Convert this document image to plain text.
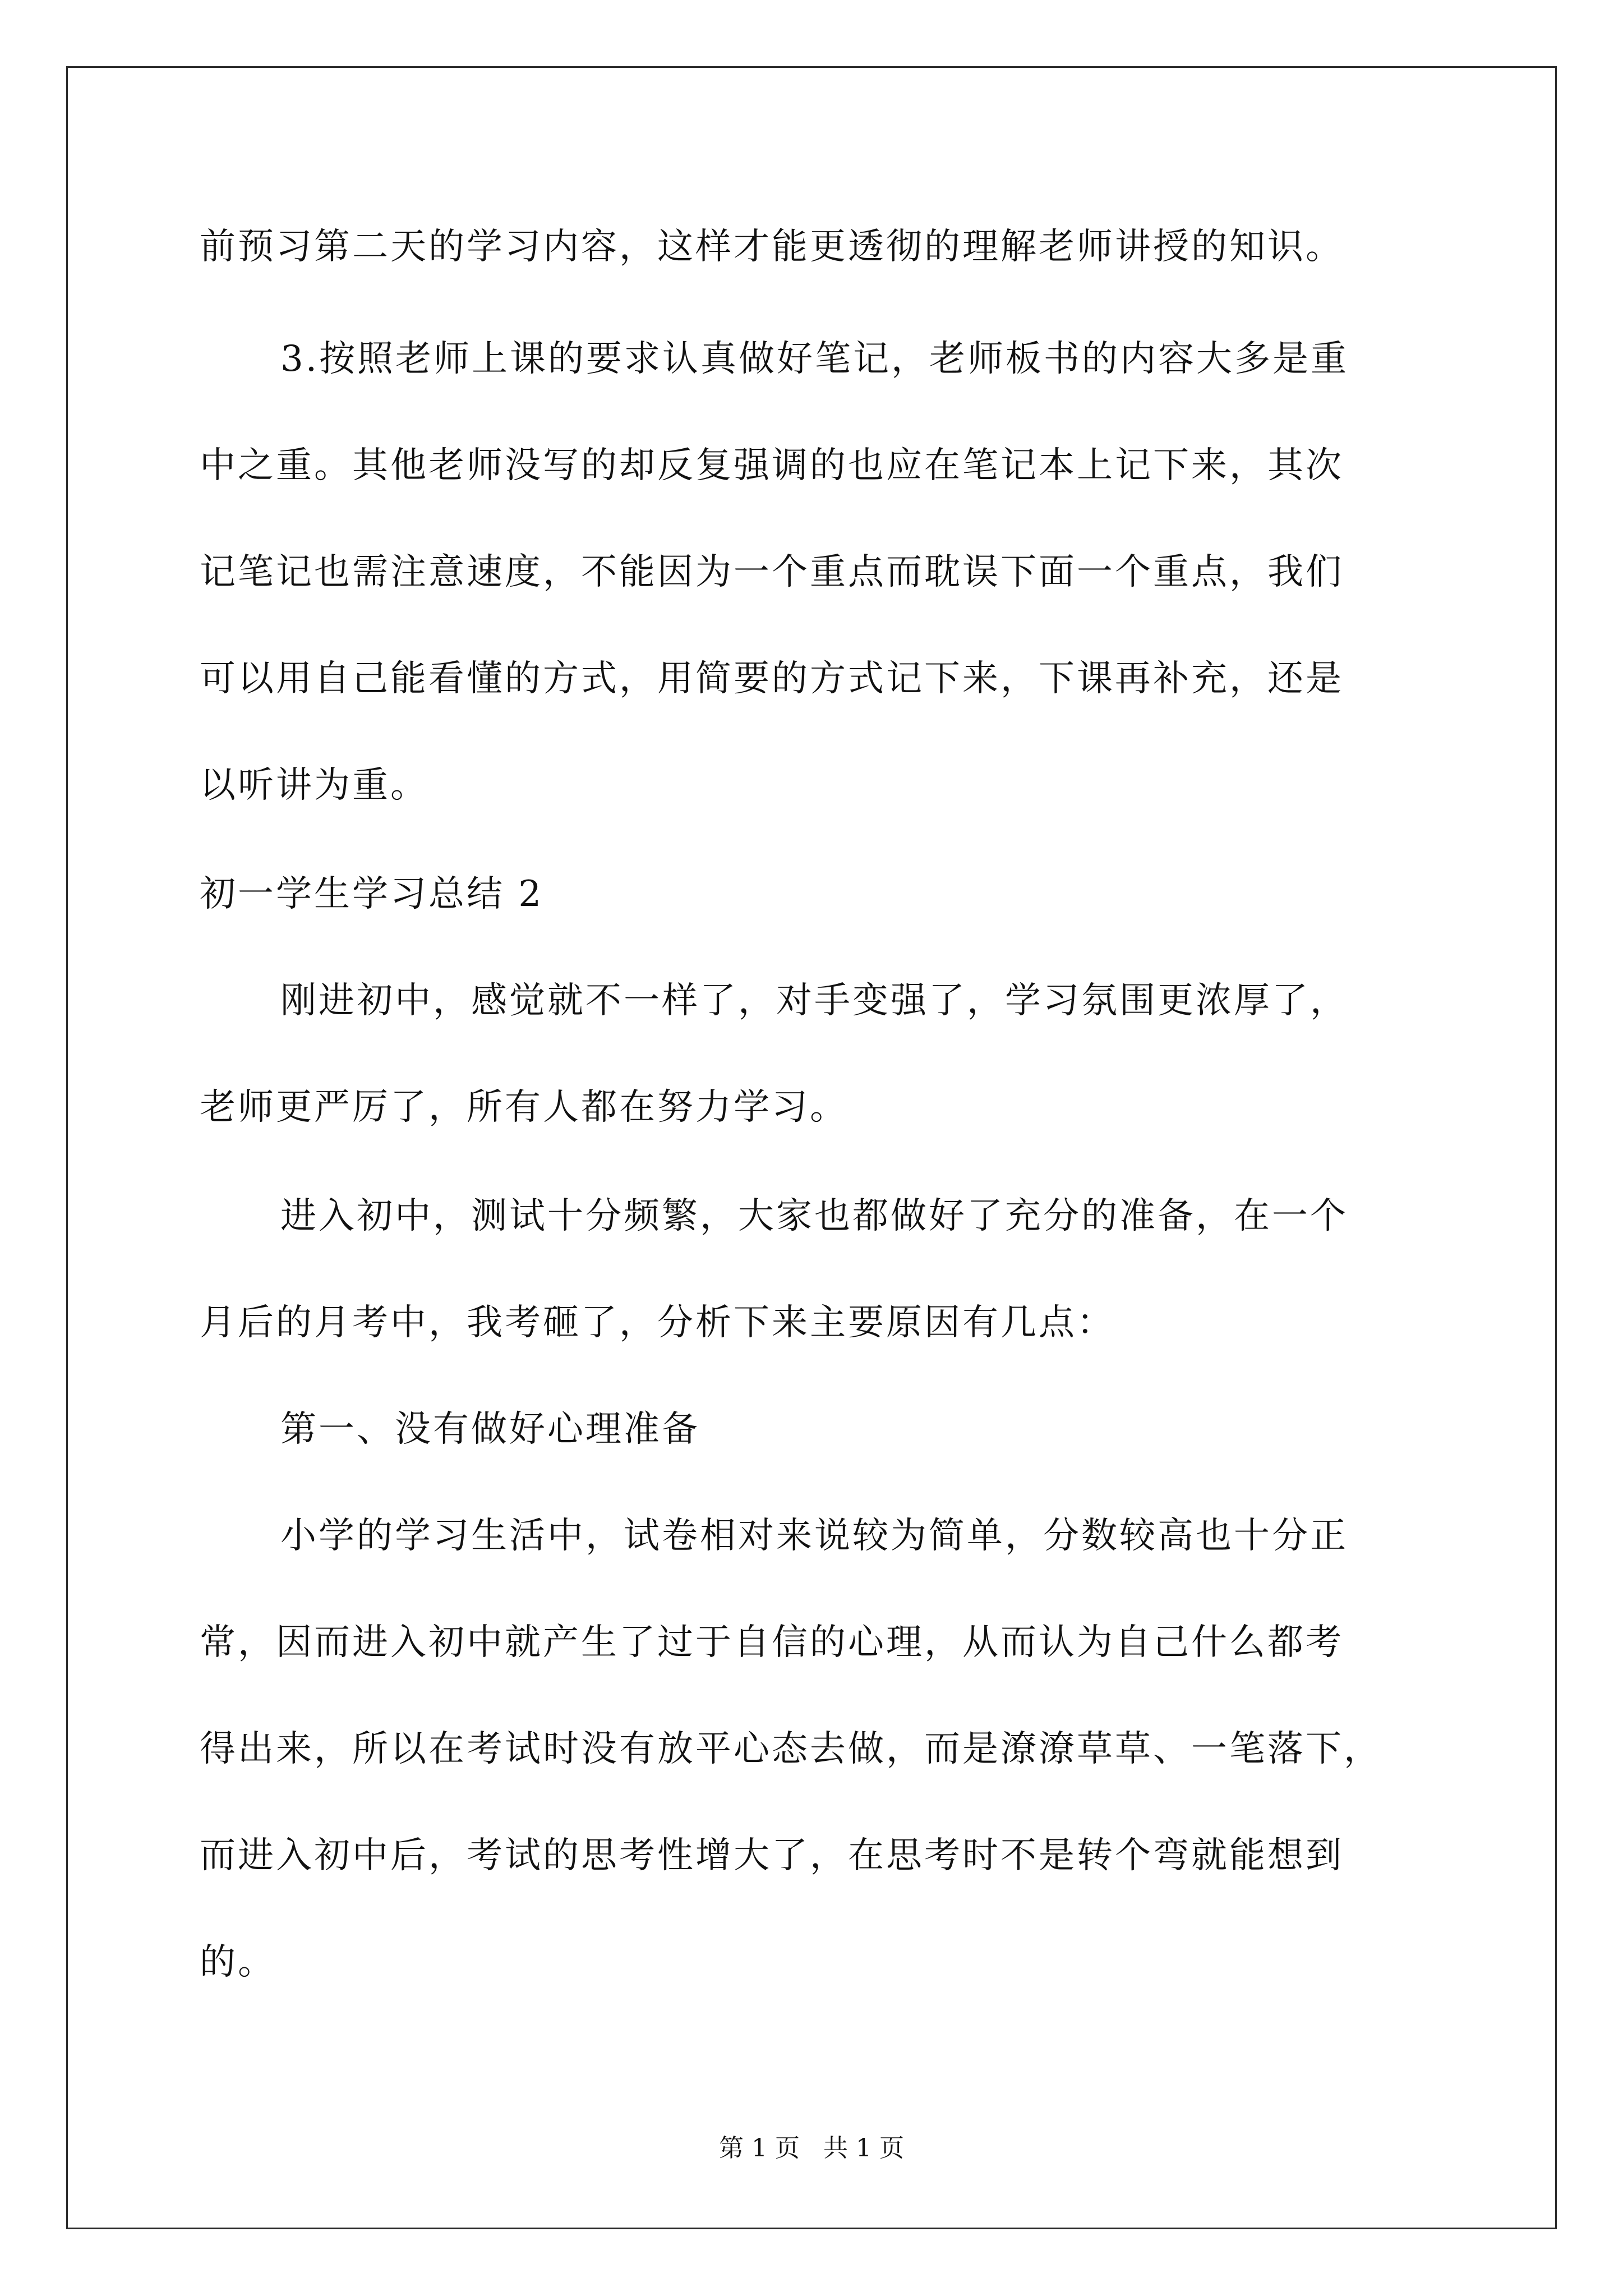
前预习第二天的学习内容，这样才能更透彻的理解老师讲授的知识。
3.按照老师上课的要求认真做好笔记，老师板书的内容大多是重
中之重。其他老师没写的却反复强调的也应在笔记本上记下来，其次
记笔记也需注意速度，不能因为一个重点而耽误下面一个重点，我们
可以用自己能看懂的方式，用简要的方式记下来，下课再补充，还是
以听讲为重。
初一学生学习总结 2
刚进初中，感觉就不一样了，对手变强了，学习氛围更浓厚了，
老师更严厉了，所有人都在努力学习。
进入初中，测试十分频繁，大家也都做好了充分的准备，在一个
月后的月考中，我考砸了，分析下来主要原因有几点：
第一、没有做好心理准备
小学的学习生活中，试卷相对来说较为简单，分数较高也十分正
常，因而进入初中就产生了过于自信的心理，从而认为自己什么都考
得出来，所以在考试时没有放平心态去做，而是潦潦草草、一笔落下，
而进入初中后，考试的思考性增大了，在思考时不是转个弯就能想到
的。
第 1 页   共 1 页
